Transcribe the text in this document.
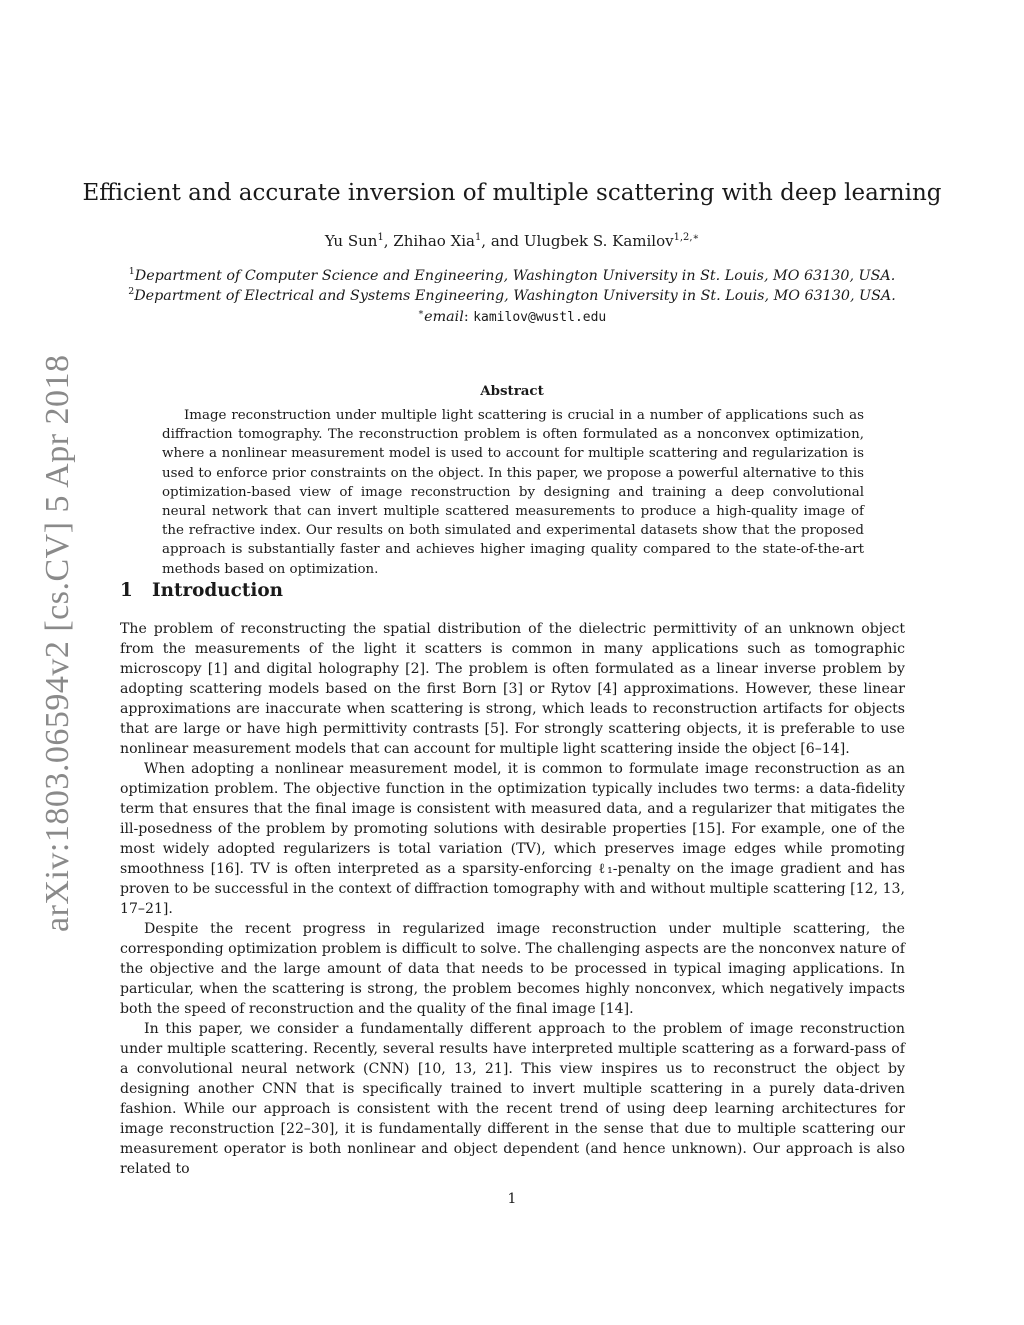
arXiv:1803.06594v2 [cs.CV] 5 Apr 2018
Efficient and accurate inversion of multiple scattering with deep learning
Yu Sun$^1$, Zhihao Xia$^1$, and Ulugbek S. Kamilov$^{1,2,∗}$
$^1$Department of Computer Science and Engineering, Washington University in St. Louis, MO 63130, USA.
$^2$Department of Electrical and Systems Engineering, Washington University in St. Louis, MO 63130, USA.
∗email: kamilov@wustl.edu
Abstract

Image reconstruction under multiple light scattering is crucial in a number of applications such as diffraction tomography. The reconstruction problem is often formulated as a nonconvex optimization, where a nonlinear measurement model is used to account for multiple scattering and regularization is used to enforce prior constraints on the object. In this paper, we propose a powerful alternative to this optimization-based view of image reconstruction by designing and training a deep convolutional neural network that can invert multiple scattered measurements to produce a high-quality image of the refractive index. Our results on both simulated and experimental datasets show that the proposed approach is substantially faster and achieves higher imaging quality compared to the state-of-the-art methods based on optimization.

1 Introduction

The problem of reconstructing the spatial distribution of the dielectric permittivity of an unknown object from the measurements of the light it scatters is common in many applications such as tomographic microscopy [1] and digital holography [2]. The problem is often formulated as a linear inverse problem by adopting scattering models based on the first Born [3] or Rytov [4] approximations. However, these linear approximations are inaccurate when scattering is strong, which leads to reconstruction artifacts for objects that are large or have high permittivity contrasts [5]. For strongly scattering objects, it is preferable to use nonlinear measurement models that can account for multiple light scattering inside the object [6–14].

When adopting a nonlinear measurement model, it is common to formulate image reconstruction as an optimization problem. The objective function in the optimization typically includes two terms: a data-fidelity term that ensures that the final image is consistent with measured data, and a regularizer that mitigates the ill-posedness of the problem by promoting solutions with desirable properties [15]. For example, one of the most widely adopted regularizers is total variation (TV), which preserves image edges while promoting smoothness [16]. TV is often interpreted as a sparsity-enforcing ℓ₁-penalty on the image gradient and has proven to be successful in the context of diffraction tomography with and without multiple scattering [12, 13, 17–21].

Despite the recent progress in regularized image reconstruction under multiple scattering, the corresponding optimization problem is difficult to solve. The challenging aspects are the nonconvex nature of the objective and the large amount of data that needs to be processed in typical imaging applications. In particular, when the scattering is strong, the problem becomes highly nonconvex, which negatively impacts both the speed of reconstruction and the quality of the final image [14].

In this paper, we consider a fundamentally different approach to the problem of image reconstruction under multiple scattering. Recently, several results have interpreted multiple scattering as a forward-pass of a convolutional neural network (CNN) [10, 13, 21]. This view inspires us to reconstruct the object by designing another CNN that is specifically trained to invert multiple scattering in a purely data-driven fashion. While our approach is consistent with the recent trend of using deep learning architectures for image reconstruction [22–30], it is fundamentally different in the sense that due to multiple scattering our measurement operator is both nonlinear and object dependent (and hence unknown). Our approach is also related to

1
